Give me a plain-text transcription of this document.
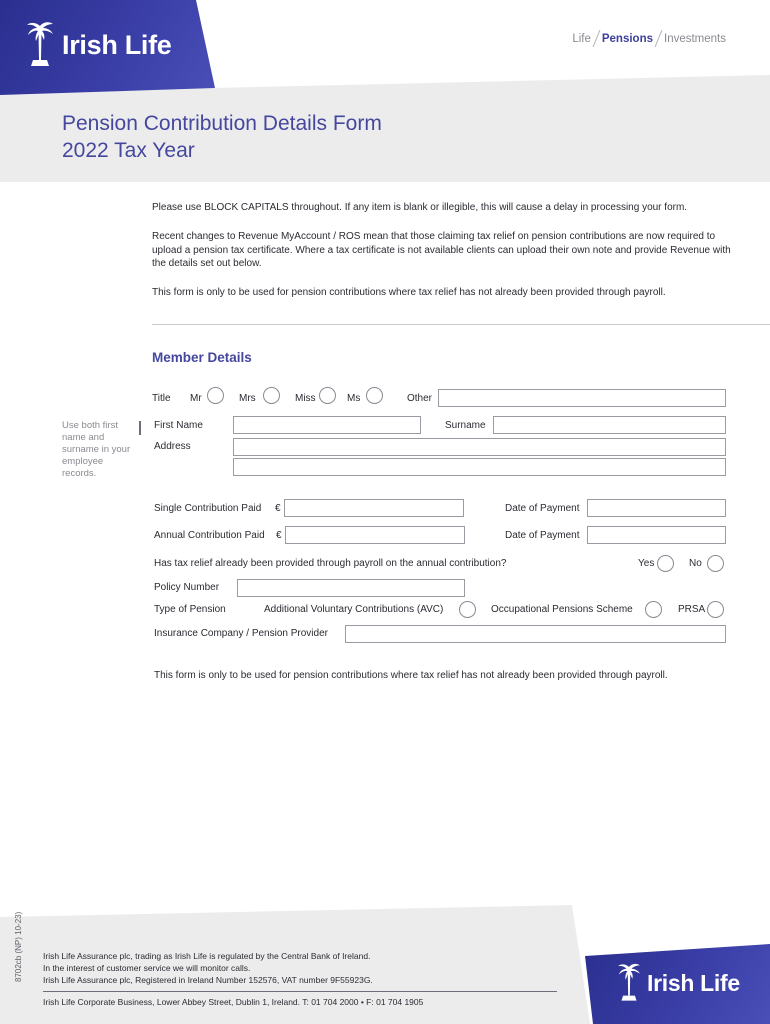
Irish Life	Life Pensions Investments
Pension Contribution Details Form
2022 Tax Year
Please use BLOCK CAPITALS throughout. If any item is blank or illegible, this will cause a delay in processing your form.
Recent changes to Revenue MyAccount / ROS mean that those claiming tax relief on pension contributions are now required to upload a pension tax certificate. Where a tax certificate is not available clients can upload their own note and provide Revenue with the details set out below.
This form is only to be used for pension contributions where tax relief has not already been provided through payroll.
Member Details
Title Mr	Mrs	Miss	Ms	Other
Use both first name and surname in your employee records.
First Name	Surname
Address
Single Contribution Paid €	Date of Payment
Annual Contribution Paid €	Date of Payment
Has tax relief already been provided through payroll on the annual contribution?	Yes	No
Policy Number
Type of Pension	Additional Voluntary Contributions (AVC)	Occupational Pensions Scheme	PRSA
Insurance Company / Pension Provider
This form is only to be used for pension contributions where tax relief has not already been provided through payroll.
8702cb (NP) 10-23) Irish Life Assurance plc, trading as Irish Life is regulated by the Central Bank of Ireland.
In the interest of customer service we will monitor calls.
Irish Life Assurance plc, Registered in Ireland Number 152576, VAT number 9F55923G.
Irish Life Corporate Business, Lower Abbey Street, Dublin 1, Ireland. T: 01 704 2000 • F: 01 704 1905
Irish Life
